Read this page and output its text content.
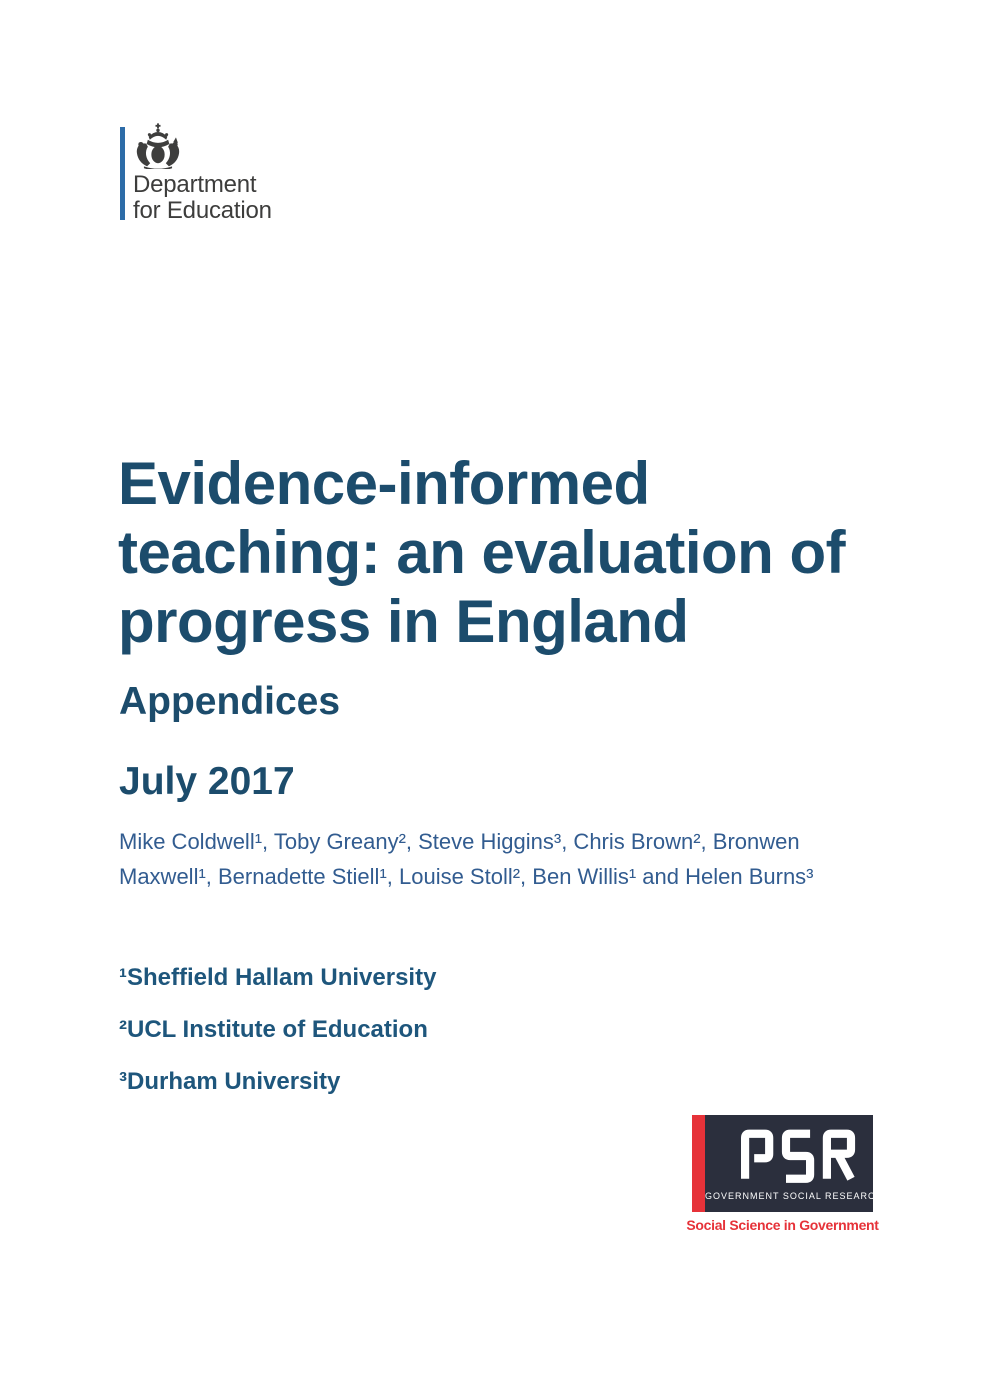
Department
for Education
Evidence-informed
teaching: an evaluation of
progress in England
Appendices
July 2017
Mike Coldwell¹, Toby Greany², Steve Higgins³, Chris Brown², Bronwen
Maxwell¹, Bernadette Stiell¹, Louise Stoll², Ben Willis¹ and Helen Burns³
¹Sheffield Hallam University
²UCL Institute of Education
³Durham University
GOVERNMENT SOCIAL RESEARCH
Social Science in Government
